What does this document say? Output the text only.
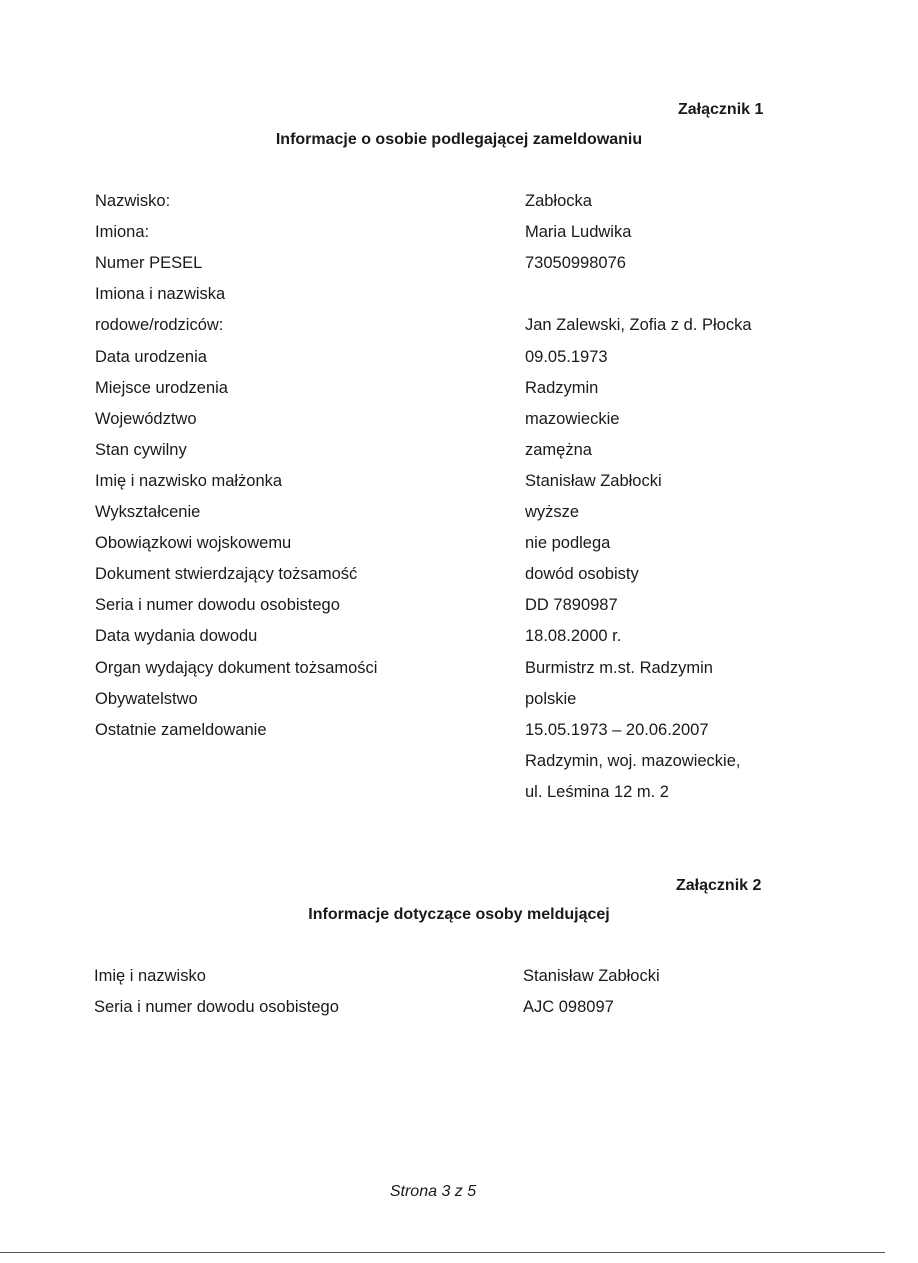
Załącznik 1
Informacje o osobie podlegającej zameldowaniu
Nazwisko:	Zabłocka
Imiona:	Maria Ludwika
Numer PESEL	73050998076
Imiona i nazwiska
rodowe/rodziców:	Jan Zalewski, Zofia z d. Płocka
Data urodzenia	09.05.1973
Miejsce urodzenia	Radzymin
Województwo	mazowieckie
Stan cywilny	zamężna
Imię i nazwisko małżonka	Stanisław Zabłocki
Wykształcenie	wyższe
Obowiązkowi wojskowemu	nie podlega
Dokument stwierdzający tożsamość	dowód osobisty
Seria i numer dowodu osobistego	DD 7890987
Data wydania dowodu	18.08.2000 r.
Organ wydający dokument tożsamości	Burmistrz m.st. Radzymin
Obywatelstwo	polskie
Ostatnie zameldowanie	15.05.1973 – 20.06.2007
Radzymin, woj. mazowieckie,
ul. Leśmina 12 m. 2
Załącznik 2
Informacje dotyczące osoby meldującej
Imię i nazwisko	Stanisław Zabłocki
Seria i numer dowodu osobistego	AJC 098097
Strona 3 z 5
